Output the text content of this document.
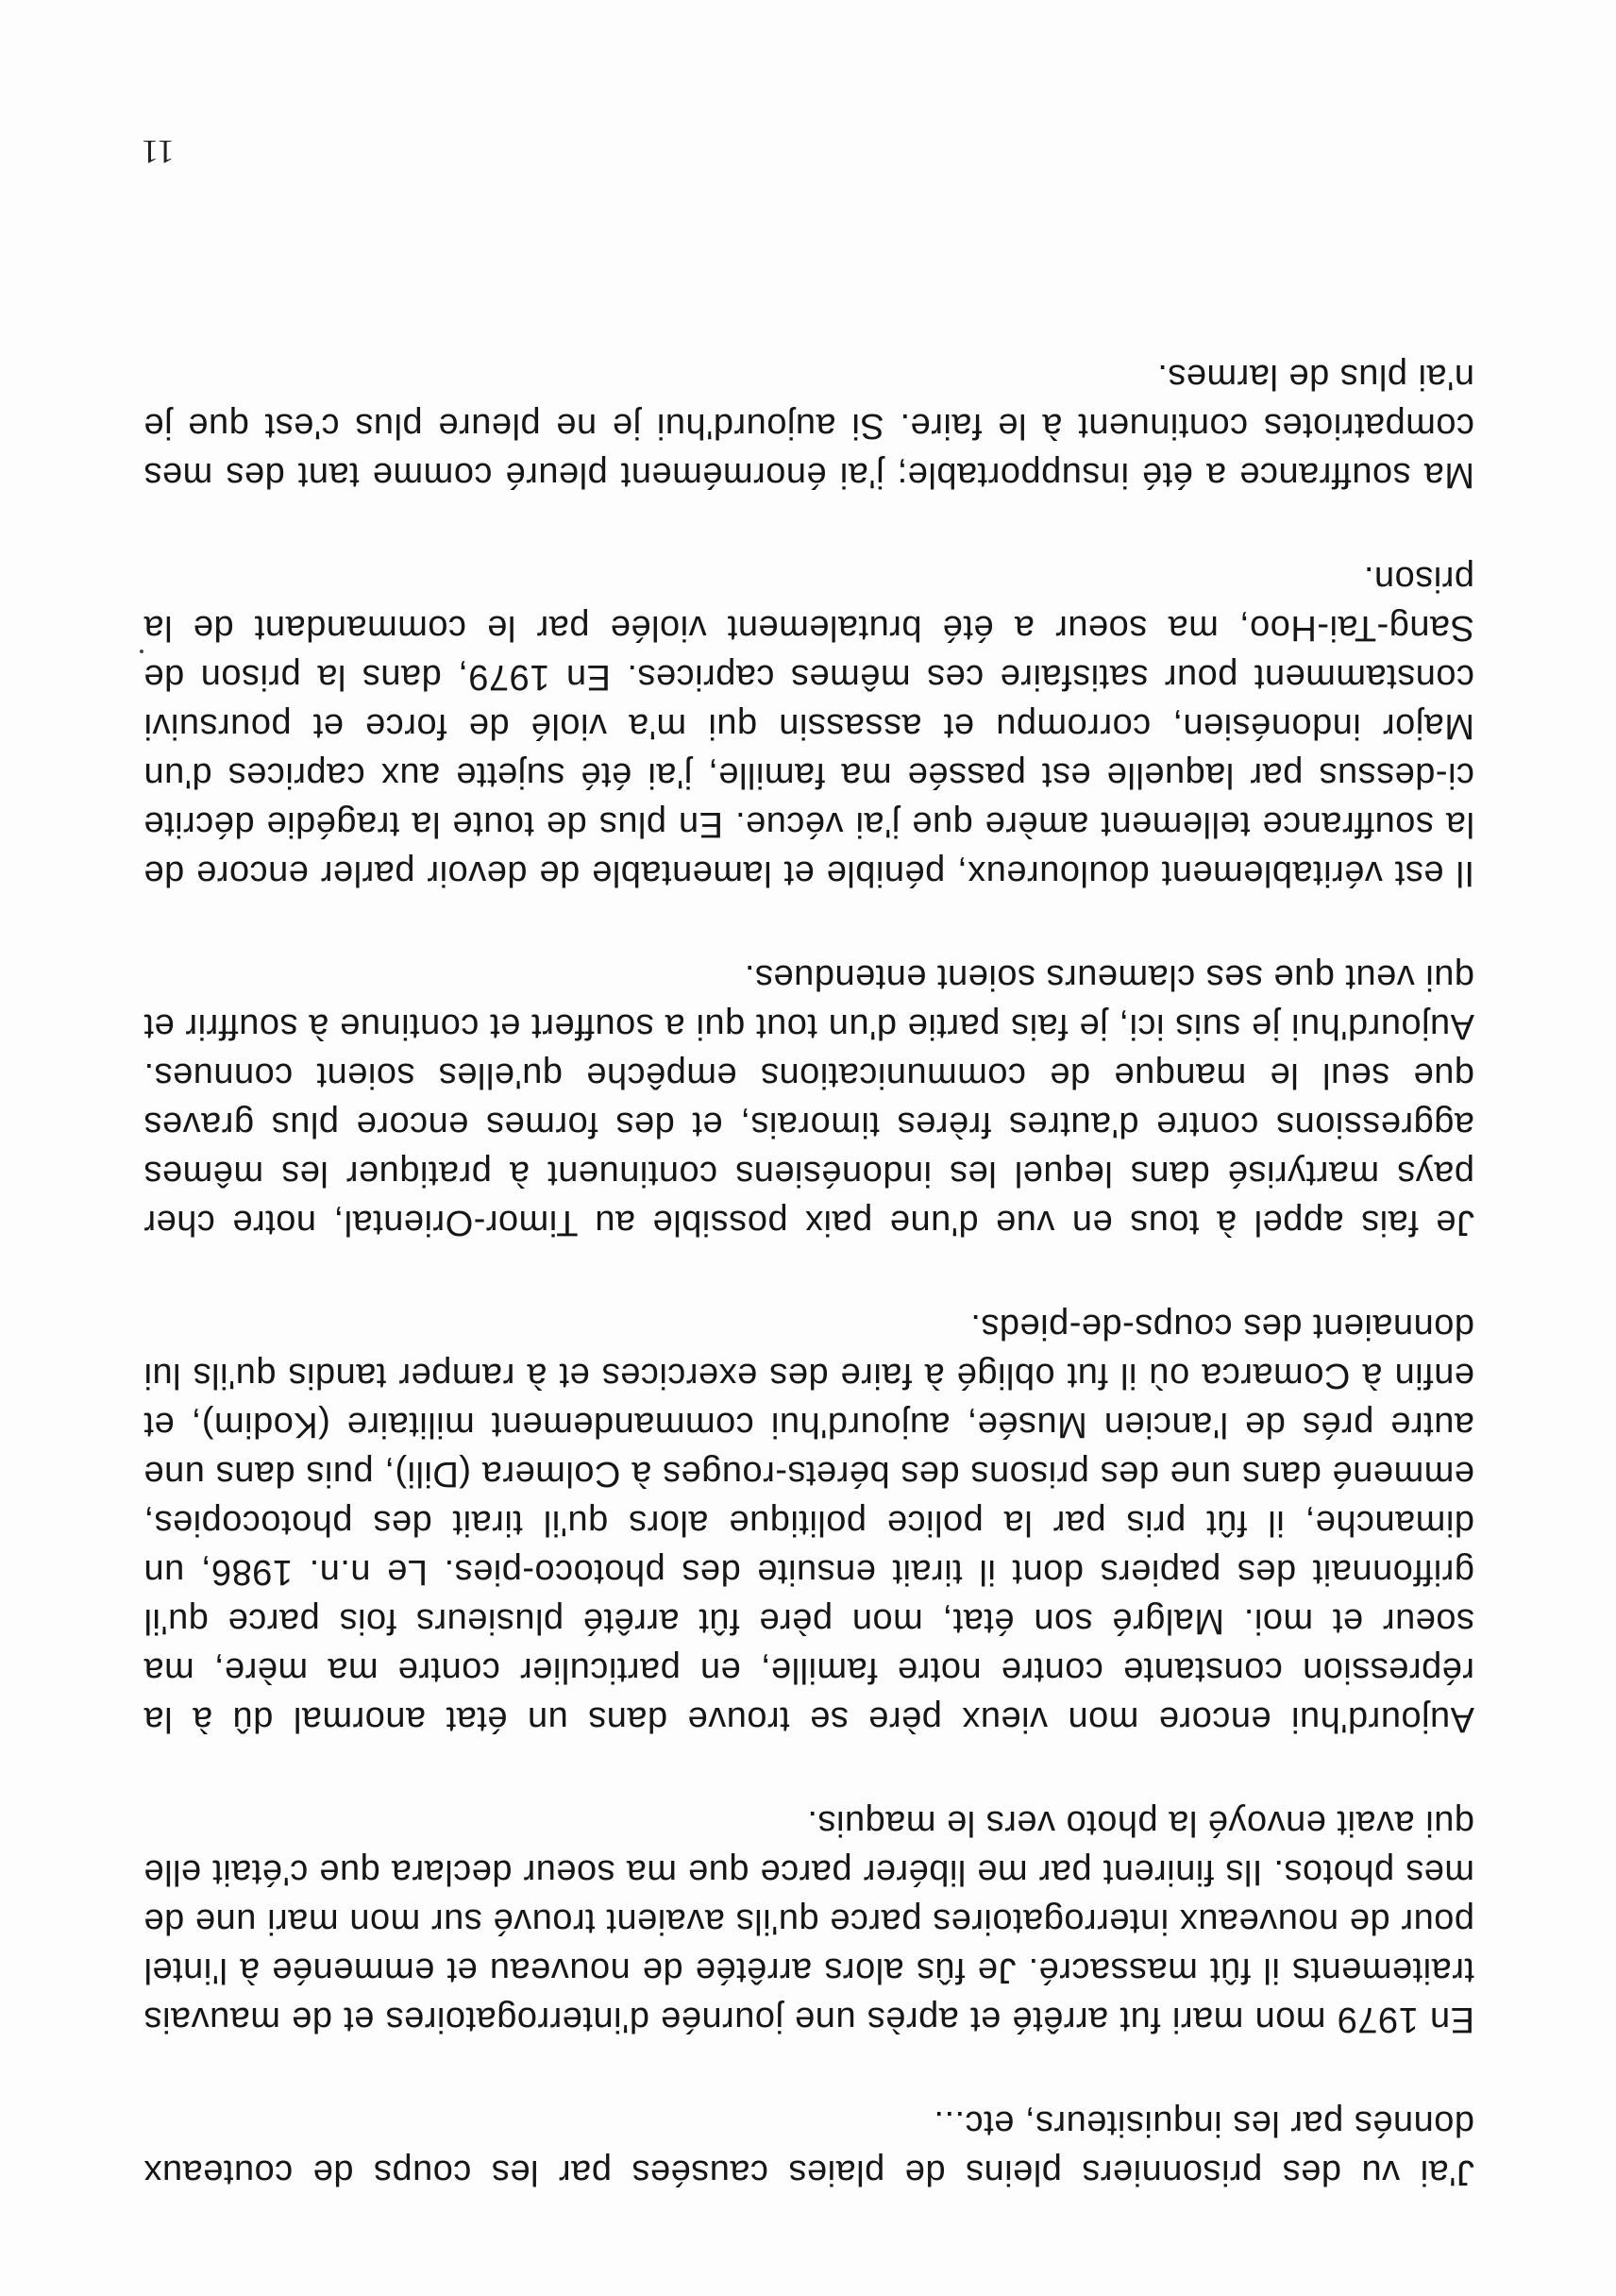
J'ai vu des prisonniers pleins de plaies causées par les coups de couteaux donnés par les inquisiteurs, etc...

En 1979 mon mari fut arrêté et après une journée d'interrogatoires et de mauvais traitements il fût massacré. Je fûs alors arrêtée de nouveau et emmenée à l'intel pour de nouveaux interrogatoires parce qu'ils avaient trouvé sur mon mari une de mes photos. Ils finirent par me libérer parce que ma soeur declara que c'était elle qui avait envoyé la photo vers le maquis.

Aujourd'hui encore mon vieux père se trouve dans un état anormal dû à la répression constante contre notre famille, en particulier contre ma mère, ma soeur et moi. Malgré son état, mon père fût arrêté plusieurs fois parce qu'il griffonnait des papiers dont il tirait ensuite des photoco-pies. Le n.n. 1986, un dimanche, il fût pris par la police politique alors qu'il tirait des photocopies, emmené dans une des prisons des bérets-rouges à Colmera (Dili), puis dans une autre prés de l'ancien Musée, aujourd'hui commandement militaire (Kodim), et enfin à Comarca où il fut obligé à faire des exercices et à ramper tandis qu'ils lui donnaient des coups-de-pieds.

Je fais appel à tous en vue d'une paix possible au Timor-Oriental, notre cher pays martyrisé dans lequel les indonésiens continuent à pratiquer les mêmes aggressions contre d'autres frères timorais, et des formes encore plus graves que seul le manque de communications empêche qu'elles soient connues. Aujourd'hui je suis ici, je fais partie d'un tout qui a souffert et continue à souffrir et qui veut que ses clameurs soient entendues.

Il est véritablement douloureux, pénible et lamentable de devoir parler encore de la souffrance tellement amère que j'ai vécue. En plus de toute la tragédie décrite ci-dessus par laquelle est passée ma famille, j'ai été sujette aux caprices d'un Major indonésien, corrompu et assassin qui m'a violé de force et poursuivi constamment pour satisfaire ces mêmes caprices. En 1979, dans la prison de Sang-Tai-Hoo, ma soeur a été brutalement violée par le commandant de la prison.

Ma souffrance a été insupportable; j'ai énormément pleuré comme tant des mes compatriotes continuent à le faire. Si aujourd'hui je ne pleure plus c'est que je n'ai plus de larmes.

11
